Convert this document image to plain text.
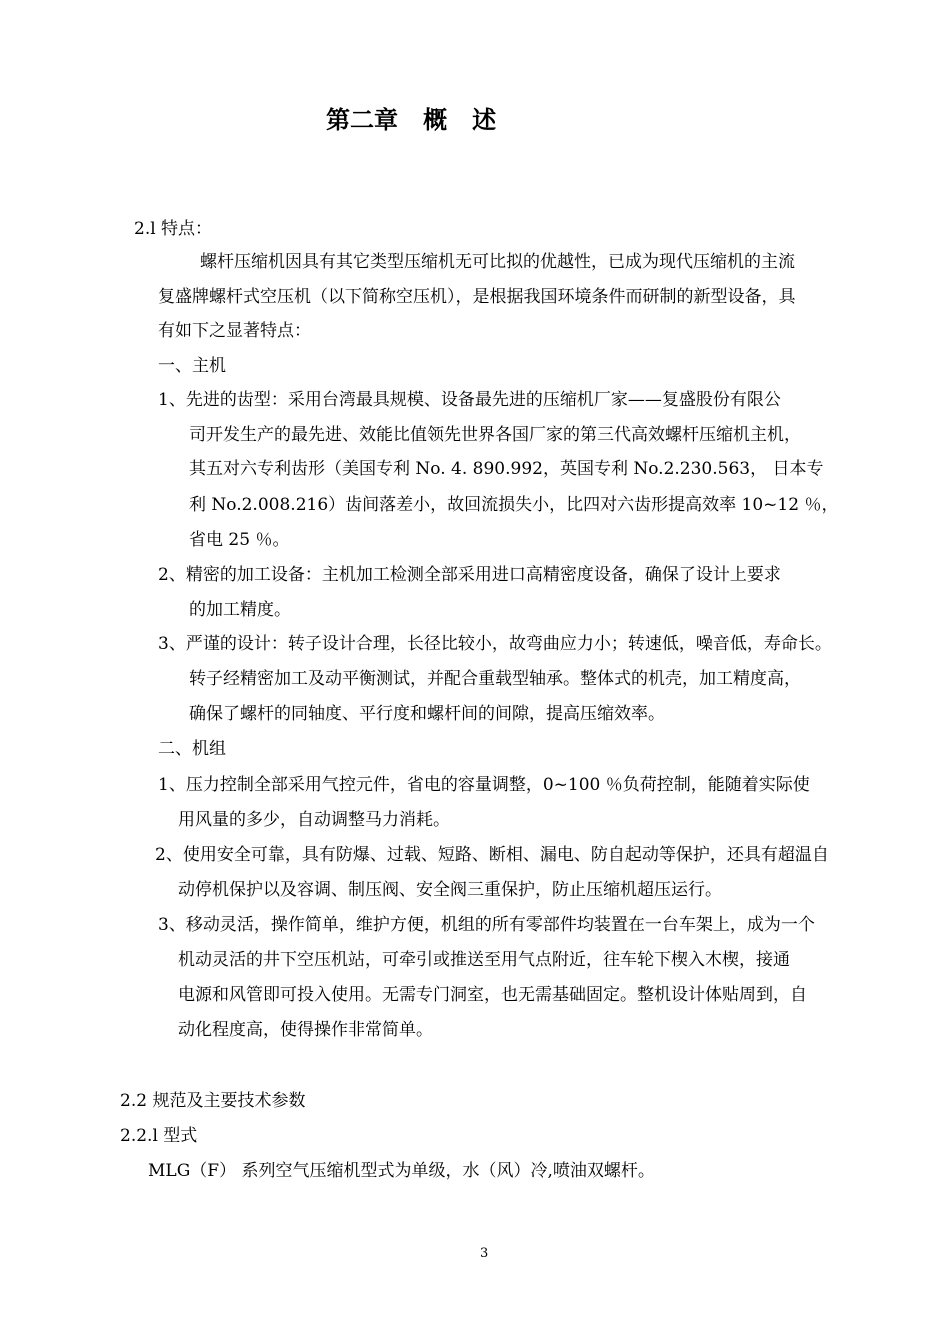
第二章   概   述

2.l 特点：

螺杆压缩机因具有其它类型压缩机无可比拟的优越性，已成为现代压缩机的主流

复盛牌螺杆式空压机（以下简称空压机），是根据我国环境条件而研制的新型设备，具

有如下之显著特点：

一、主机

1、先进的齿型：采用台湾最具规模、设备最先进的压缩机厂家——复盛股份有限公

司开发生产的最先进、效能比值领先世界各国厂家的第三代高效螺杆压缩机主机，

其五对六专利齿形（美国专利 No. 4. 890.992，英国专利 No.2.230.563， 日本专

利 No.2.008.216）齿间落差小，故回流损失小，比四对六齿形提高效率 10~12 ％，

省电 25 ％。

2、精密的加工设备：主机加工检测全部采用进口高精密度设备，确保了设计上要求

的加工精度。

3、严谨的设计：转子设计合理，长径比较小，故弯曲应力小；转速低，噪音低，寿命长。

转子经精密加工及动平衡测试，并配合重载型轴承。整体式的机壳，加工精度高，

确保了螺杆的同轴度、平行度和螺杆间的间隙，提高压缩效率。

二、机组

1、压力控制全部采用气控元件，省电的容量调整，0~100 ％负荷控制，能随着实际使

用风量的多少，自动调整马力消耗。

2、使用安全可靠，具有防爆、过载、短路、断相、漏电、防自起动等保护，还具有超温自

动停机保护以及容调、制压阀、安全阀三重保护，防止压缩机超压运行。

3、移动灵活，操作简单，维护方便，机组的所有零部件均装置在一台车架上，成为一个

机动灵活的井下空压机站，可牵引或推送至用气点附近，往车轮下楔入木楔，接通

电源和风管即可投入使用。无需专门洞室，也无需基础固定。整机设计体贴周到，自

动化程度高，使得操作非常简单。

2.2 规范及主要技术参数

2.2.l 型式

MLG（F） 系列空气压缩机型式为单级，水（风）冷,喷油双螺杆。

3
